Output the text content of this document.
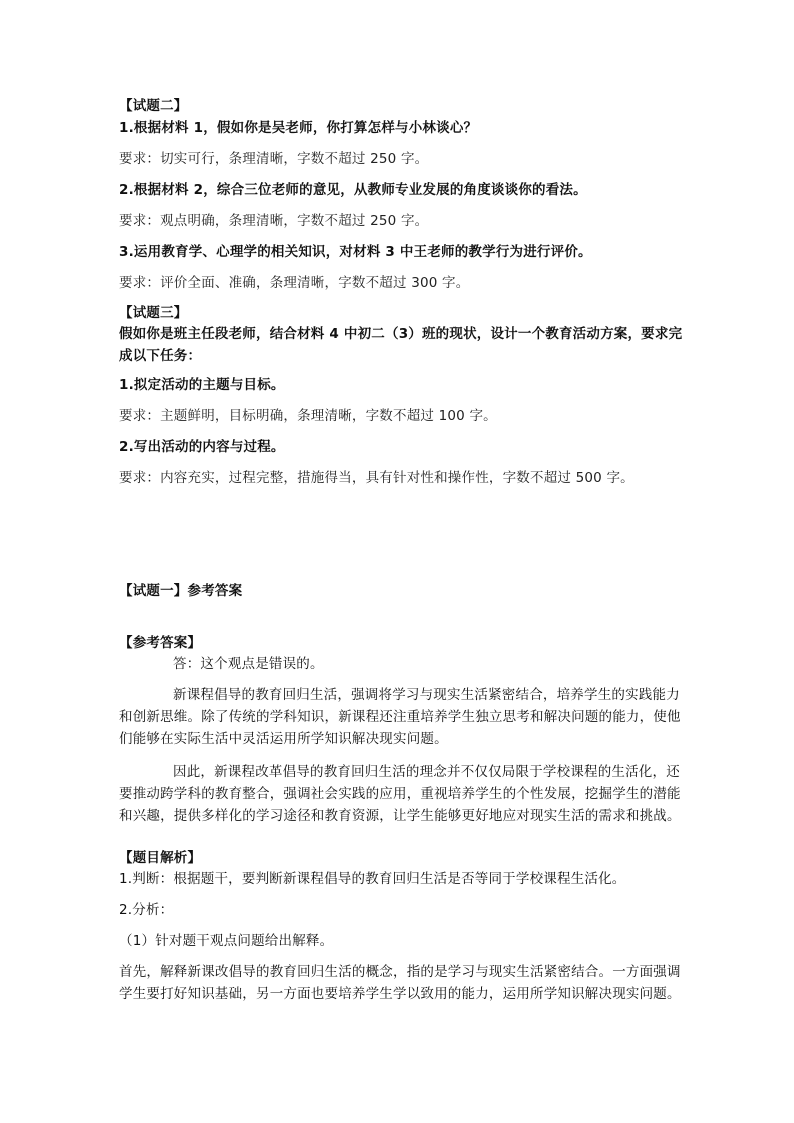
【试题二】

1.根据材料 1，假如你是吴老师，你打算怎样与小林谈心？

要求：切实可行，条理清晰，字数不超过 250 字。

2.根据材料 2，综合三位老师的意见，从教师专业发展的角度谈谈你的看法。

要求：观点明确，条理清晰，字数不超过 250 字。

3.运用教育学、心理学的相关知识，对材料 3 中王老师的教学行为进行评价。

要求：评价全面、准确，条理清晰，字数不超过 300 字。

【试题三】

假如你是班主任段老师，结合材料 4 中初二（3）班的现状，设计一个教育活动方案，要求完成以下任务：

1.拟定活动的主题与目标。

要求：主题鲜明，目标明确，条理清晰，字数不超过 100 字。

2.写出活动的内容与过程。

要求：内容充实，过程完整，措施得当，具有针对性和操作性，字数不超过 500 字。

【试题一】参考答案

【参考答案】

答：这个观点是错误的。

新课程倡导的教育回归生活，强调将学习与现实生活紧密结合，培养学生的实践能力和创新思维。除了传统的学科知识，新课程还注重培养学生独立思考和解决问题的能力，使他们能够在实际生活中灵活运用所学知识解决现实问题。

因此，新课程改革倡导的教育回归生活的理念并不仅仅局限于学校课程的生活化，还要推动跨学科的教育整合，强调社会实践的应用，重视培养学生的个性发展，挖掘学生的潜能和兴趣，提供多样化的学习途径和教育资源，让学生能够更好地应对现实生活的需求和挑战。

【题目解析】

1.判断：根据题干，要判断新课程倡导的教育回归生活是否等同于学校课程生活化。

2.分析：

（1）针对题干观点问题给出解释。

首先，解释新课改倡导的教育回归生活的概念，指的是学习与现实生活紧密结合。一方面强调学生要打好知识基础，另一方面也要培养学生学以致用的能力，运用所学知识解决现实问题。
